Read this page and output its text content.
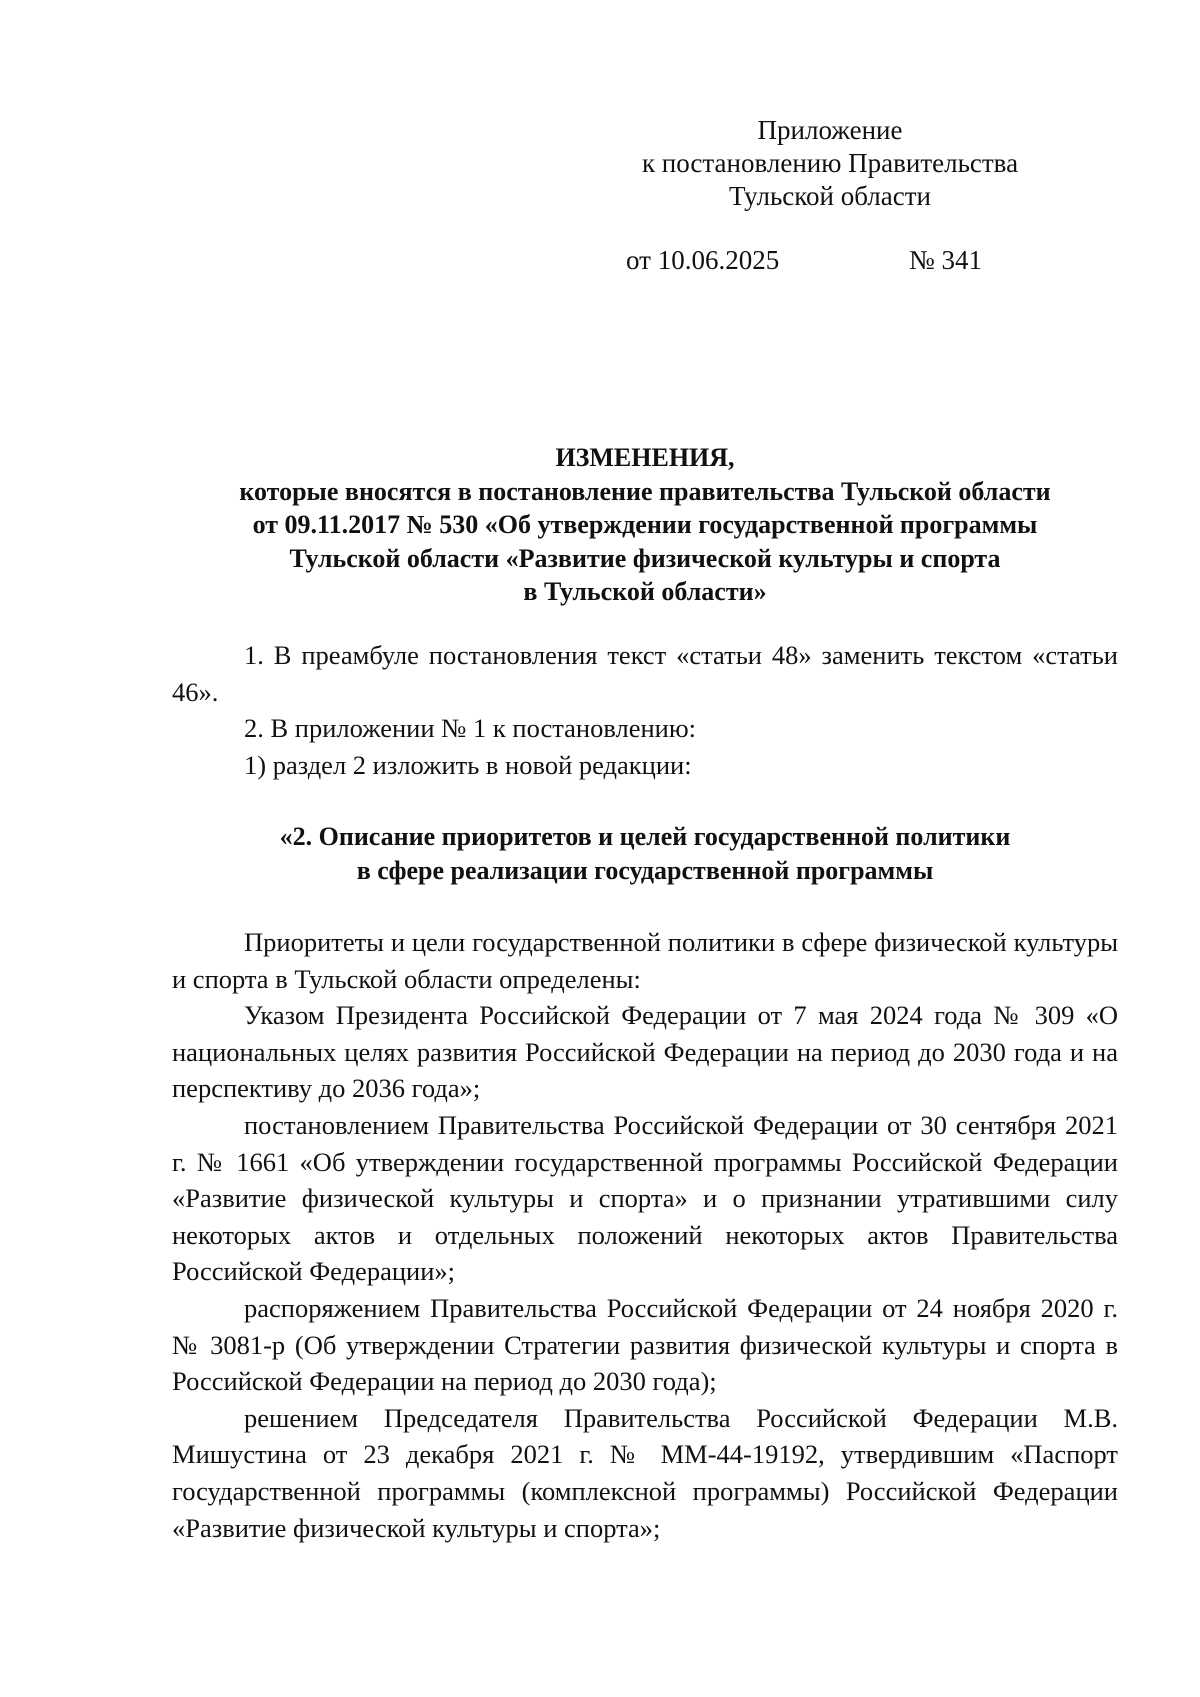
Приложение
к постановлению Правительства
Тульской области
от 10.06.2025	№ 341
ИЗМЕНЕНИЯ,
которые вносятся в постановление правительства Тульской области
от 09.11.2017 № 530 «Об утверждении государственной программы
Тульской области «Развитие физической культуры и спорта
в Тульской области»

1. В преамбуле постановления текст «статьи 48» заменить текстом «статьи 46».

2. В приложении № 1 к постановлению:

1) раздел 2 изложить в новой редакции:

«2. Описание приоритетов и целей государственной политики
в сфере реализации государственной программы

Приоритеты и цели государственной политики в сфере физической культуры и спорта в Тульской области определены:

Указом Президента Российской Федерации от 7 мая 2024 года № 309 «О национальных целях развития Российской Федерации на период до 2030 года и на перспективу до 2036 года»;

постановлением Правительства Российской Федерации от 30 сентября 2021 г. № 1661 «Об утверждении государственной программы Российской Федерации «Развитие физической культуры и спорта» и о признании утратившими силу некоторых актов и отдельных положений некоторых актов Правительства Российской Федерации»;

распоряжением Правительства Российской Федерации от 24 ноября 2020 г. № 3081-р (Об утверждении Стратегии развития физической культуры и спорта в Российской Федерации на период до 2030 года);

решением Председателя Правительства Российской Федерации М.В. Мишустина от 23 декабря 2021 г. № ММ-44-19192, утвердившим «Паспорт государственной программы (комплексной программы) Российской Федерации «Развитие физической культуры и спорта»;
